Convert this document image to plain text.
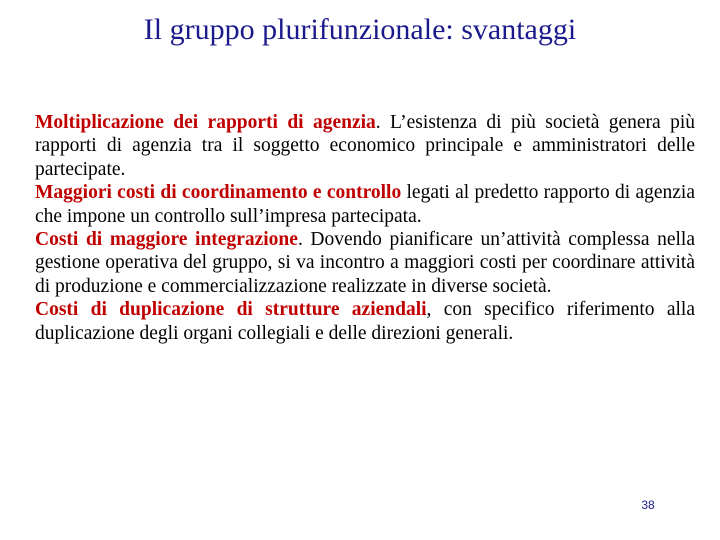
Il gruppo plurifunzionale: svantaggi

Moltiplicazione dei rapporti di agenzia. L’esistenza di più società genera più rapporti di agenzia tra il soggetto economico principale e amministratori delle partecipate.

Maggiori costi di coordinamento e controllo legati al predetto rapporto di agenzia che impone un controllo sull’impresa partecipata.

Costi di maggiore integrazione. Dovendo pianificare un’attività complessa nella gestione operativa del gruppo, si va incontro a maggiori costi per coordinare attività di produzione e commercializzazione realizzate in diverse società.

Costi di duplicazione di strutture aziendali, con specifico riferimento alla duplicazione degli organi collegiali e delle direzioni generali.

38
